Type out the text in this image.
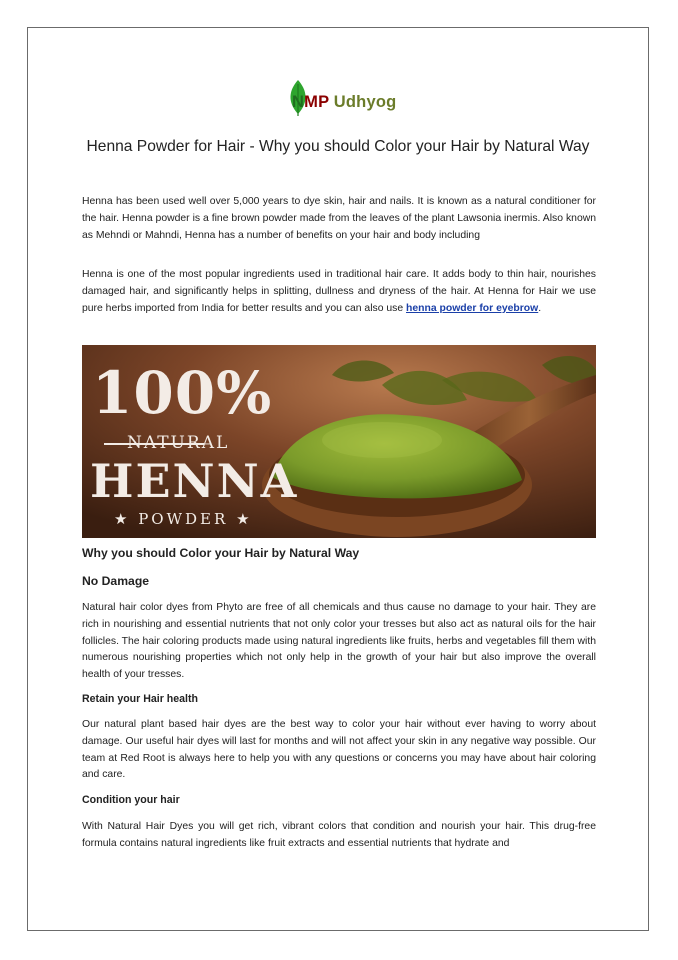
NMP Udhyog
Henna Powder for Hair - Why you should Color your Hair by Natural Way

Henna has been used well over 5,000 years to dye skin, hair and nails. It is known as a natural conditioner for the hair. Henna powder is a fine brown powder made from the leaves of the plant Lawsonia inermis. Also known as Mehndi or Mahndi, Henna has a number of benefits on your hair and body including

Henna is one of the most popular ingredients used in traditional hair care. It adds body to thin hair, nourishes damaged hair, and significantly helps in splitting, dullness and dryness of the hair. At Henna for Hair we use pure herbs imported from India for better results and you can also use henna powder for eyebrow.

100%
NATURAL
HENNA
★ POWDER ★
Why you should Color your Hair by Natural Way
No Damage

Natural hair color dyes from Phyto are free of all chemicals and thus cause no damage to your hair. They are rich in nourishing and essential nutrients that not only color your tresses but also act as natural oils for the hair follicles. The hair coloring products made using natural ingredients like fruits, herbs and vegetables fill them with numerous nourishing properties which not only help in the growth of your hair but also improve the overall health of your tresses.

Retain your Hair health

Our natural plant based hair dyes are the best way to color your hair without ever having to worry about damage. Our useful hair dyes will last for months and will not affect your skin in any negative way possible. Our team at Red Root is always here to help you with any questions or concerns you may have about hair coloring and care.

Condition your hair

With Natural Hair Dyes you will get rich, vibrant colors that condition and nourish your hair. This drug-free formula contains natural ingredients like fruit extracts and essential nutrients that hydrate and
